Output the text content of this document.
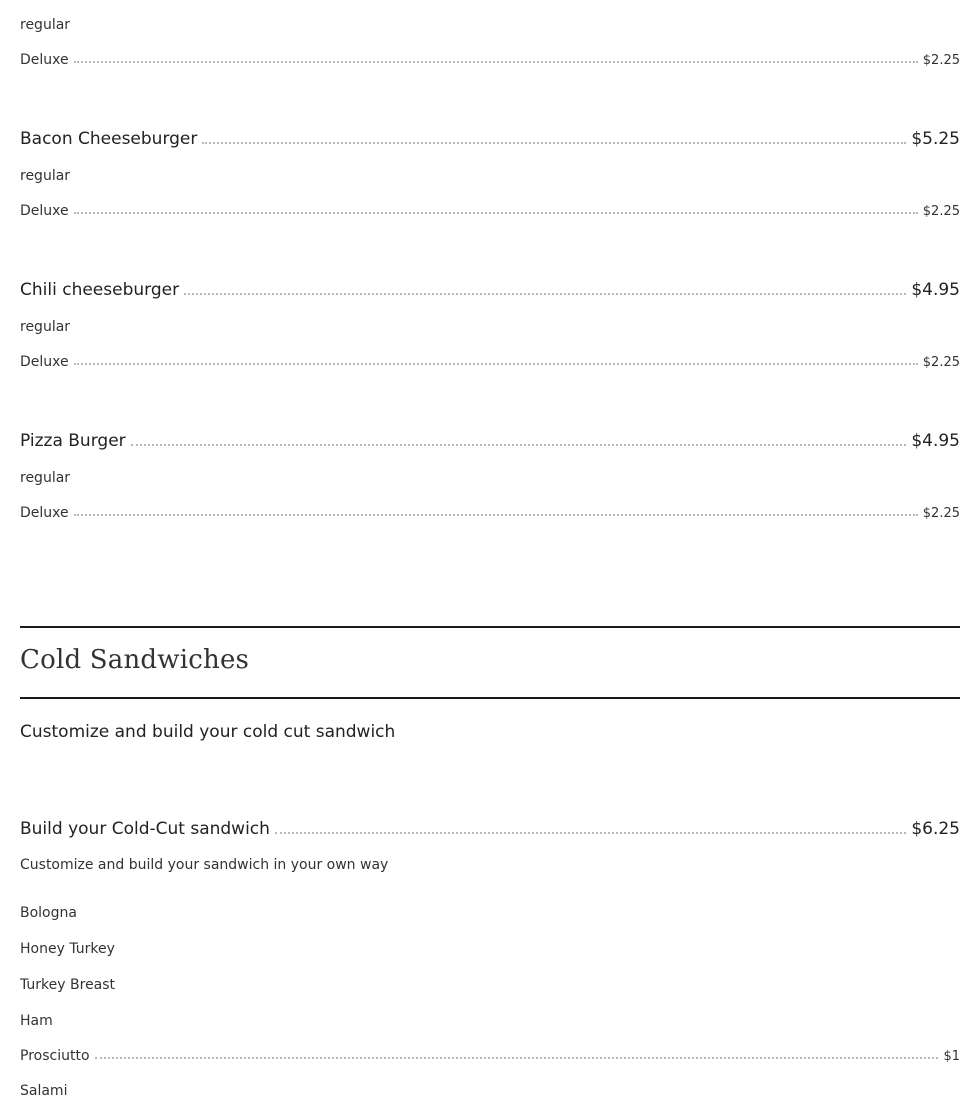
regular
Deluxe	$2.25
Bacon Cheeseburger	$5.25
regular
Deluxe	$2.25
Chili cheeseburger	$4.95
regular
Deluxe	$2.25
Pizza Burger	$4.95
regular
Deluxe	$2.25
Cold Sandwiches
Customize and build your cold cut sandwich
Build your Cold-Cut sandwich	$6.25
Customize and build your sandwich in your own way
Bologna
Honey Turkey
Turkey Breast
Ham
Prosciutto	$1
Salami
